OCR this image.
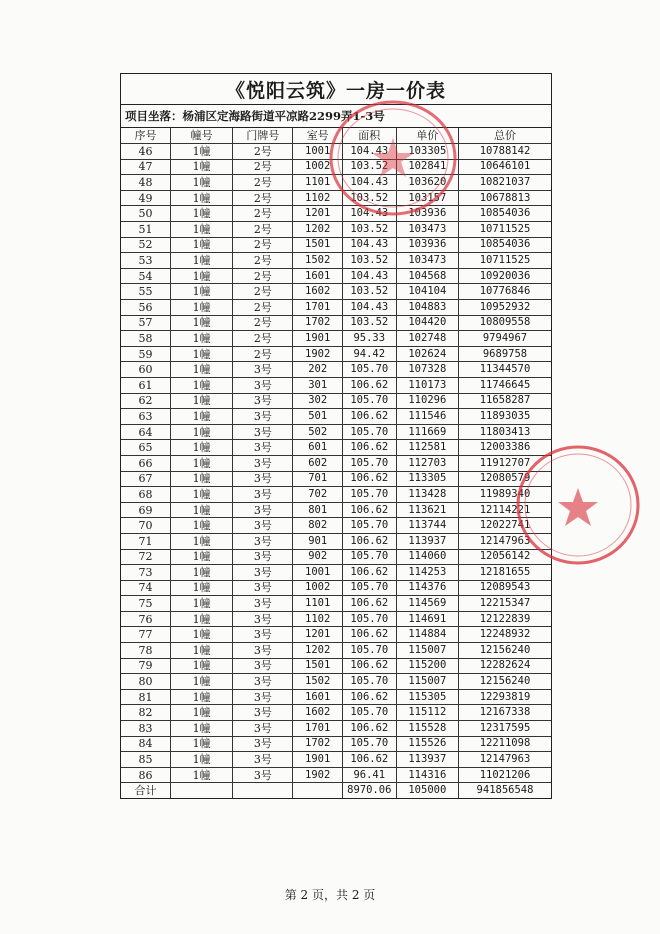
《悦阳云筑》一房一价表
项目坐落：杨浦区定海路街道平凉路2299弄1-3号
序号	幢号	门牌号	室号	面积	单价	总价
46	1幢	2号	1001	104.43	103305	10788142
47	1幢	2号	1002	103.52	102841	10646101
48	1幢	2号	1101	104.43	103620	10821037
49	1幢	2号	1102	103.52	103157	10678813
50	1幢	2号	1201	104.43	103936	10854036
51	1幢	2号	1202	103.52	103473	10711525
52	1幢	2号	1501	104.43	103936	10854036
53	1幢	2号	1502	103.52	103473	10711525
54	1幢	2号	1601	104.43	104568	10920036
55	1幢	2号	1602	103.52	104104	10776846
56	1幢	2号	1701	104.43	104883	10952932
57	1幢	2号	1702	103.52	104420	10809558
58	1幢	2号	1901	95.33	102748	9794967
59	1幢	2号	1902	94.42	102624	9689758
60	1幢	3号	202	105.70	107328	11344570
61	1幢	3号	301	106.62	110173	11746645
62	1幢	3号	302	105.70	110296	11658287
63	1幢	3号	501	106.62	111546	11893035
64	1幢	3号	502	105.70	111669	11803413
65	1幢	3号	601	106.62	112581	12003386
66	1幢	3号	602	105.70	112703	11912707
67	1幢	3号	701	106.62	113305	12080579
68	1幢	3号	702	105.70	113428	11989340
69	1幢	3号	801	106.62	113621	12114221
70	1幢	3号	802	105.70	113744	12022741
71	1幢	3号	901	106.62	113937	12147963
72	1幢	3号	902	105.70	114060	12056142
73	1幢	3号	1001	106.62	114253	12181655
74	1幢	3号	1002	105.70	114376	12089543
75	1幢	3号	1101	106.62	114569	12215347
76	1幢	3号	1102	105.70	114691	12122839
77	1幢	3号	1201	106.62	114884	12248932
78	1幢	3号	1202	105.70	115007	12156240
79	1幢	3号	1501	106.62	115200	12282624
80	1幢	3号	1502	105.70	115007	12156240
81	1幢	3号	1601	106.62	115305	12293819
82	1幢	3号	1602	105.70	115112	12167338
83	1幢	3号	1701	106.62	115528	12317595
84	1幢	3号	1702	105.70	115526	12211098
85	1幢	3号	1901	106.62	113937	12147963
86	1幢	3号	1902	96.41	114316	11021206
合计				8970.06	105000	941856548
第 2 页，共 2 页
